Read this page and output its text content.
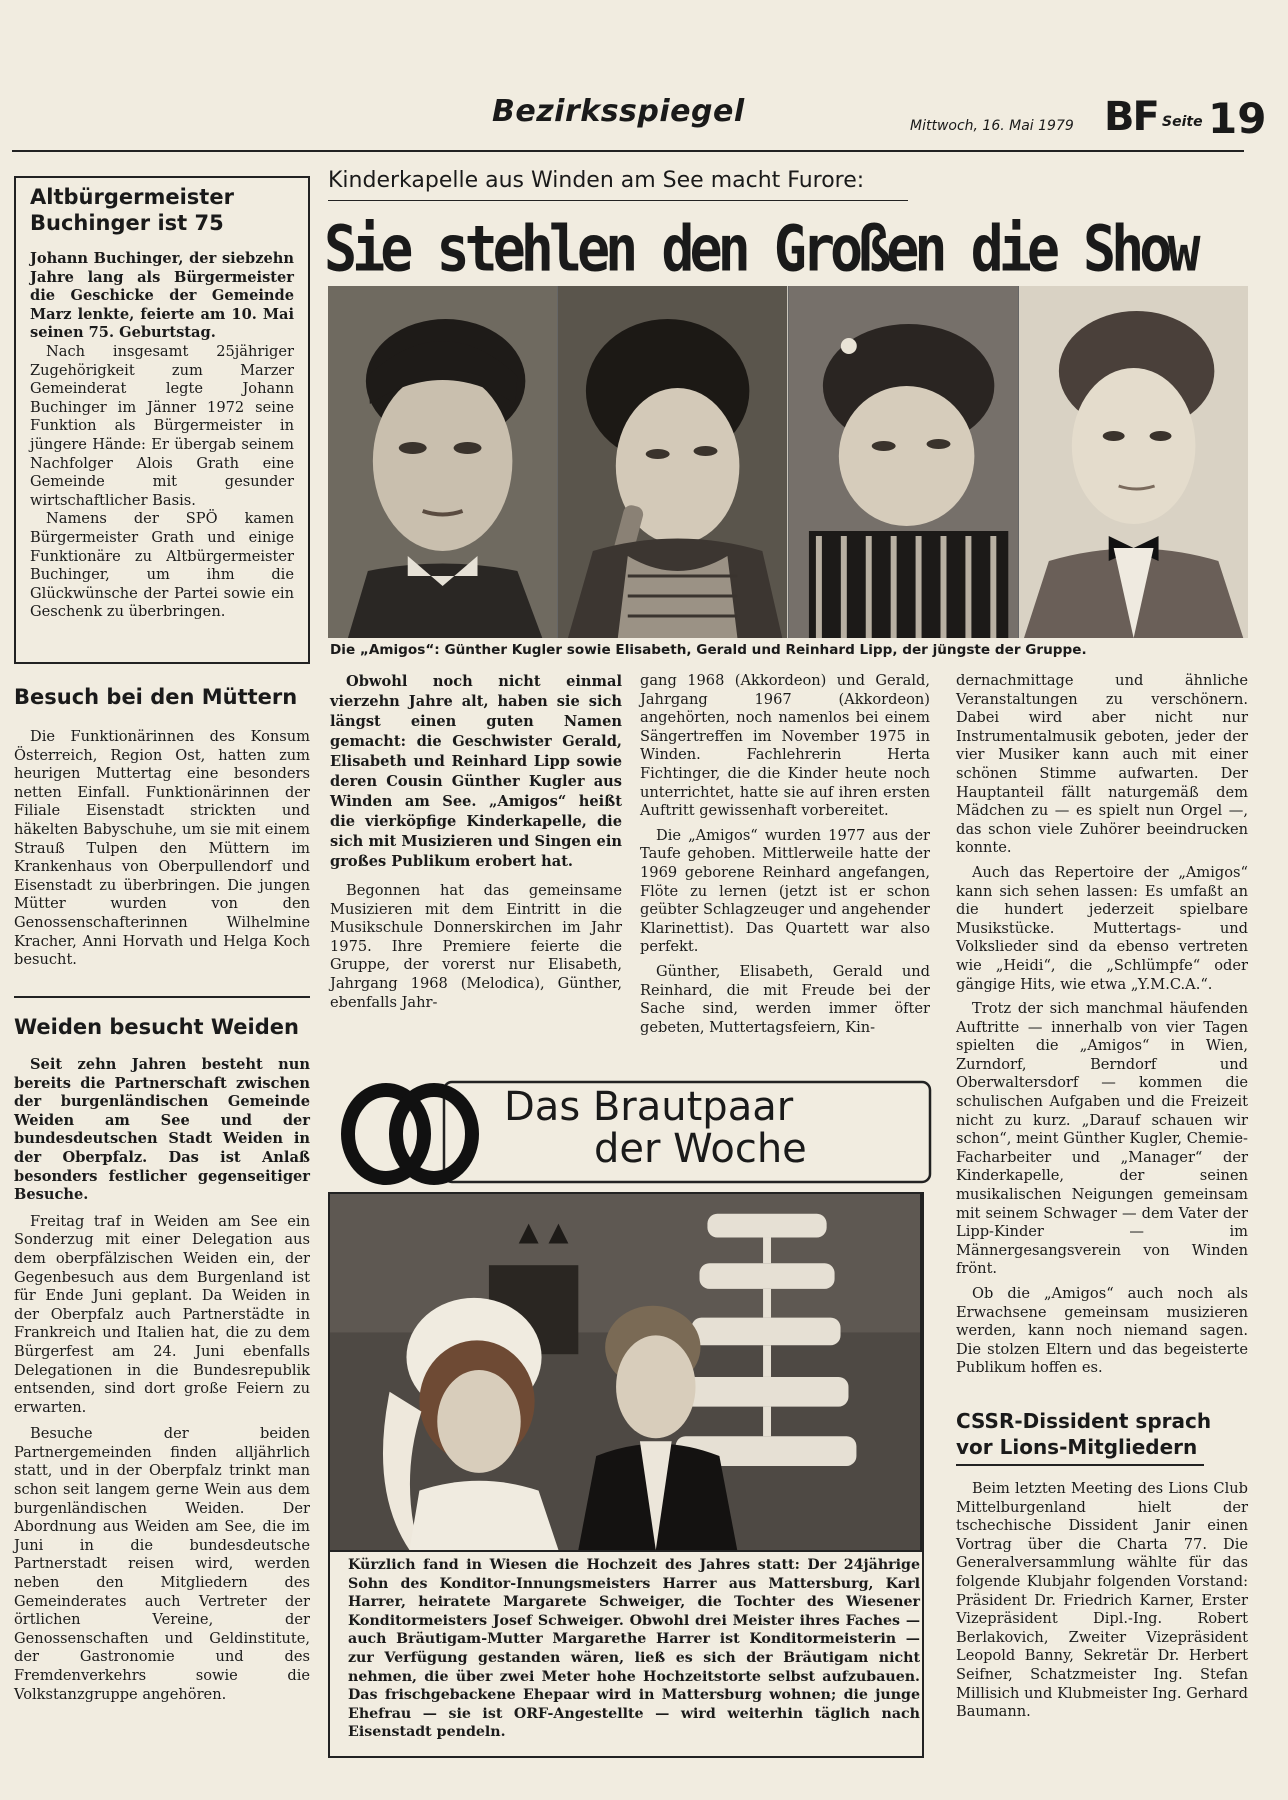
Bezirksspiegel	Mittwoch, 16. Mai 1979 BF Seite 19
Altbürgermeister Buchinger ist 75

Johann Buchinger, der siebzehn Jahre lang als Bürgermeister die Geschicke der Gemeinde Marz lenkte, feierte am 10. Mai seinen 75. Geburtstag.

Nach insgesamt 25jähriger Zugehörigkeit zum Marzer Gemeinderat legte Johann Buchinger im Jänner 1972 seine Funktion als Bürgermeister in jüngere Hände: Er übergab seinem Nachfolger Alois Grath eine Gemeinde mit gesunder wirtschaftlicher Basis.

Namens der SPÖ kamen Bürgermeister Grath und einige Funktionäre zu Altbürgermeister Buchinger, um ihm die Glückwünsche der Partei sowie ein Geschenk zu überbringen.

Besuch bei den Müttern

Die Funktionärinnen des Konsum Österreich, Region Ost, hatten zum heurigen Muttertag eine besonders netten Einfall. Funktionärinnen der Filiale Eisenstadt strickten und häkelten Babyschuhe, um sie mit einem Strauß Tulpen den Müttern im Krankenhaus von Oberpullendorf und Eisenstadt zu überbringen. Die jungen Mütter wurden von den Genossenschafterinnen Wilhelmine Kracher, Anni Horvath und Helga Koch besucht.

Weiden besucht Weiden

Seit zehn Jahren besteht nun bereits die Partnerschaft zwischen der burgenländischen Gemeinde Weiden am See und der bundesdeutschen Stadt Weiden in der Oberpfalz. Das ist Anlaß besonders festlicher gegenseitiger Besuche.

Freitag traf in Weiden am See ein Sonderzug mit einer Delegation aus dem oberpfälzischen Weiden ein, der Gegenbesuch aus dem Burgenland ist für Ende Juni geplant. Da Weiden in der Oberpfalz auch Partnerstädte in Frankreich und Italien hat, die zu dem Bürgerfest am 24. Juni ebenfalls Delegationen in die Bundesrepublik entsenden, sind dort große Feiern zu erwarten.

Besuche der beiden Partnergemeinden finden alljährlich statt, und in der Oberpfalz trinkt man schon seit langem gerne Wein aus dem burgenländischen Weiden. Der Abordnung aus Weiden am See, die im Juni in die bundesdeutsche Partnerstadt reisen wird, werden neben den Mitgliedern des Gemeinderates auch Vertreter der örtlichen Vereine, der Genossenschaften und Geldinstitute, der Gastronomie und des Fremdenverkehrs sowie die Volkstanzgruppe angehören.

Kinderkapelle aus Winden am See macht Furore:
Sie stehlen den Großen die Show
Die „Amigos“: Günther Kugler sowie Elisabeth, Gerald und Reinhard Lipp, der jüngste der Gruppe.

Obwohl noch nicht einmal vierzehn Jahre alt, haben sie sich längst einen guten Namen gemacht: die Geschwister Gerald, Elisabeth und Reinhard Lipp sowie deren Cousin Günther Kugler aus Winden am See. „Amigos“ heißt die vierköpfige Kinderkapelle, die sich mit Musizieren und Singen ein großes Publikum erobert hat.

Begonnen hat das gemeinsame Musizieren mit dem Eintritt in die Musikschule Donnerskirchen im Jahr 1975. Ihre Premiere feierte die Gruppe, der vorerst nur Elisabeth, Jahrgang 1968 (Melodica), Günther, ebenfalls Jahr-

gang 1968 (Akkordeon) und Gerald, Jahrgang 1967 (Akkordeon) angehörten, noch namenlos bei einem Sängertreffen im November 1975 in Winden. Fachlehrerin Herta Fichtinger, die die Kinder heute noch unterrichtet, hatte sie auf ihren ersten Auftritt gewissenhaft vorbereitet.

Die „Amigos“ wurden 1977 aus der Taufe gehoben. Mittlerweile hatte der 1969 geborene Reinhard angefangen, Flöte zu lernen (jetzt ist er schon geübter Schlagzeuger und angehender Klarinettist). Das Quartett war also perfekt.

Günther, Elisabeth, Gerald und Reinhard, die mit Freude bei der Sache sind, werden immer öfter gebeten, Muttertagsfeiern, Kin-

dernachmittage und ähnliche Veranstaltungen zu verschönern. Dabei wird aber nicht nur Instrumentalmusik geboten, jeder der vier Musiker kann auch mit einer schönen Stimme aufwarten. Der Hauptanteil fällt naturgemäß dem Mädchen zu — es spielt nun Orgel —, das schon viele Zuhörer beeindrucken konnte.

Auch das Repertoire der „Amigos“ kann sich sehen lassen: Es umfaßt an die hundert jederzeit spielbare Musikstücke. Muttertags- und Volkslieder sind da ebenso vertreten wie „Heidi“, die „Schlümpfe“ oder gängige Hits, wie etwa „Y.M.C.A.“.

Trotz der sich manchmal häufenden Auftritte — innerhalb von vier Tagen spielten die „Amigos“ in Wien, Zurndorf, Berndorf und Oberwaltersdorf — kommen die schulischen Aufgaben und die Freizeit nicht zu kurz. „Darauf schauen wir schon“, meint Günther Kugler, Chemie-Facharbeiter und „Manager“ der Kinderkapelle, der seinen musikalischen Neigungen gemeinsam mit seinem Schwager — dem Vater der Lipp-Kinder — im Männergesangsverein von Winden frönt.

Ob die „Amigos“ auch noch als Erwachsene gemeinsam musizieren werden, kann noch niemand sagen. Die stolzen Eltern und das begeisterte Publikum hoffen es.

Das Brautpaar
der Woche
Kürzlich fand in Wiesen die Hochzeit des Jahres statt: Der 24jährige Sohn des Konditor-Innungsmeisters Harrer aus Mattersburg, Karl Harrer, heiratete Margarete Schweiger, die Tochter des Wiesener Konditormeisters Josef Schweiger. Obwohl drei Meister ihres Faches — auch Bräutigam-Mutter Margarethe Harrer ist Konditormeisterin — zur Verfügung gestanden wären, ließ es sich der Bräutigam nicht nehmen, die über zwei Meter hohe Hochzeitstorte selbst aufzubauen. Das frischgebackene Ehepaar wird in Mattersburg wohnen; die junge Ehefrau — sie ist ORF-Angestellte — wird weiterhin täglich nach Eisenstadt pendeln.
CSSR-Dissident sprach vor Lions-Mitgliedern

Beim letzten Meeting des Lions Club Mittelburgenland hielt der tschechische Dissident Janir einen Vortrag über die Charta 77. Die Generalversammlung wählte für das folgende Klubjahr folgenden Vorstand: Präsident Dr. Friedrich Karner, Erster Vizepräsident Dipl.-Ing. Robert Berlakovich, Zweiter Vizepräsident Leopold Banny, Sekretär Dr. Herbert Seifner, Schatzmeister Ing. Stefan Millisich und Klubmeister Ing. Gerhard Baumann.
